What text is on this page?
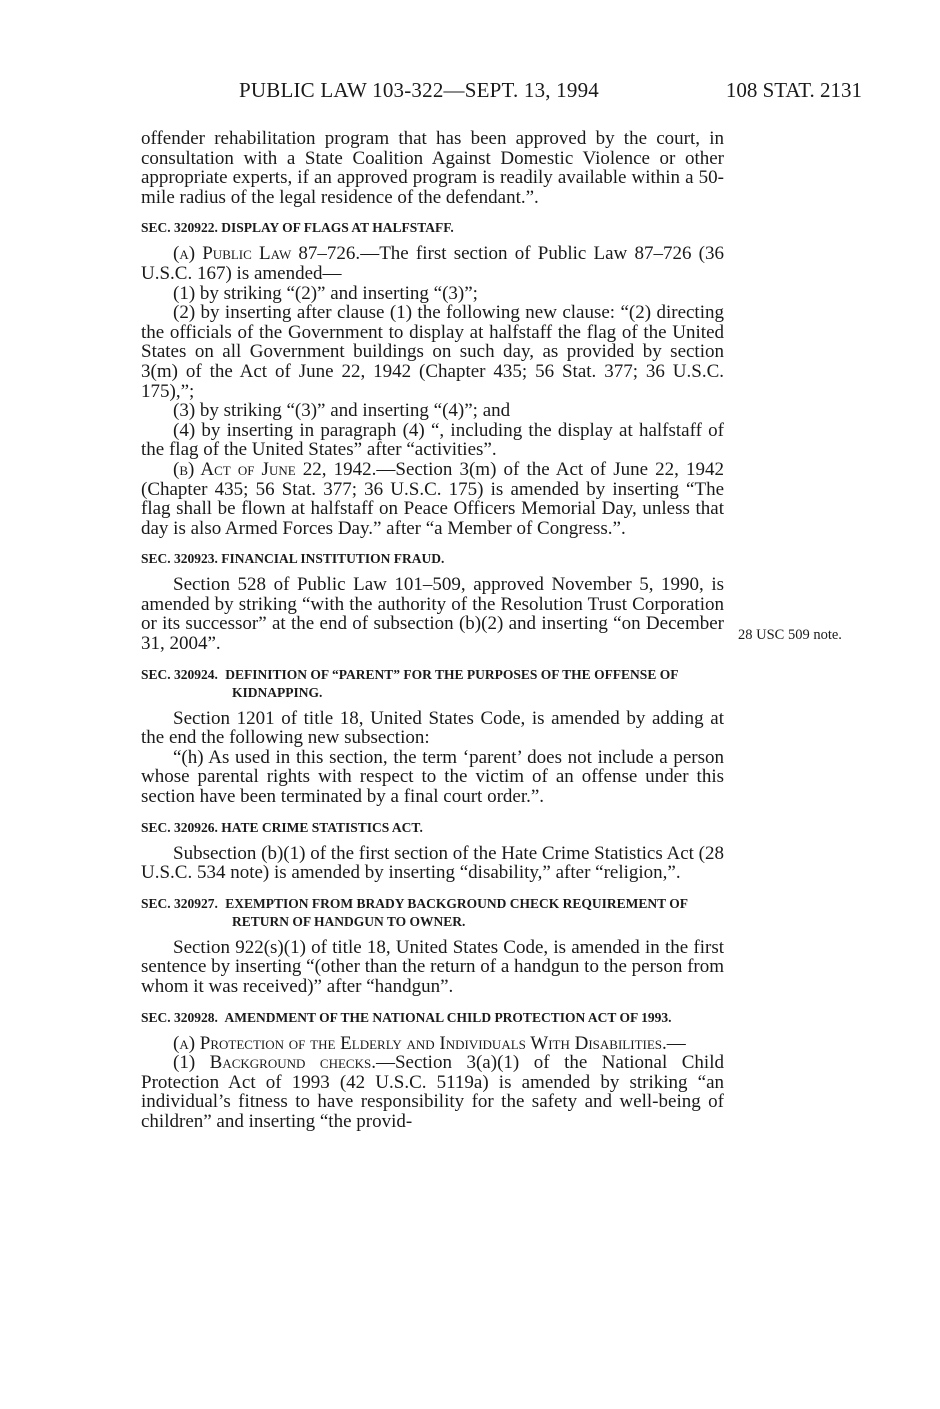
PUBLIC LAW 103-322—SEPT. 13, 1994	108 STAT. 2131

offender rehabilitation program that has been approved by the court, in consultation with a State Coalition Against Domestic Violence or other appropriate experts, if an approved program is readily available within a 50-mile radius of the legal residence of the defendant.”.

SEC. 320922. DISPLAY OF FLAGS AT HALFSTAFF.

(a) Public Law 87–726.—The first section of Public Law 87–726 (36 U.S.C. 167) is amended—

(1) by striking “(2)” and inserting “(3)”;

(2) by inserting after clause (1) the following new clause: “(2) directing the officials of the Government to display at halfstaff the flag of the United States on all Government buildings on such day, as provided by section 3(m) of the Act of June 22, 1942 (Chapter 435; 56 Stat. 377; 36 U.S.C. 175),”;

(3) by striking “(3)” and inserting “(4)”; and

(4) by inserting in paragraph (4) “, including the display at halfstaff of the flag of the United States” after “activities”.

(b) Act of June 22, 1942.—Section 3(m) of the Act of June 22, 1942 (Chapter 435; 56 Stat. 377; 36 U.S.C. 175) is amended by inserting “The flag shall be flown at halfstaff on Peace Officers Memorial Day, unless that day is also Armed Forces Day.” after “a Member of Congress.”.

SEC. 320923. FINANCIAL INSTITUTION FRAUD.

Section 528 of Public Law 101–509, approved November 5, 1990, is amended by striking “with the authority of the Resolution Trust Corporation or its successor” at the end of subsection (b)(2) and inserting “on December 31, 2004”.

SEC. 320924. DEFINITION OF “PARENT” FOR THE PURPOSES OF THE OFFENSE OF KIDNAPPING.

Section 1201 of title 18, United States Code, is amended by adding at the end the following new subsection:

“(h) As used in this section, the term ‘parent’ does not include a person whose parental rights with respect to the victim of an offense under this section have been terminated by a final court order.”.

SEC. 320926. HATE CRIME STATISTICS ACT.

Subsection (b)(1) of the first section of the Hate Crime Statistics Act (28 U.S.C. 534 note) is amended by inserting “disability,” after “religion,”.

SEC. 320927. EXEMPTION FROM BRADY BACKGROUND CHECK REQUIREMENT OF RETURN OF HANDGUN TO OWNER.

Section 922(s)(1) of title 18, United States Code, is amended in the first sentence by inserting “(other than the return of a handgun to the person from whom it was received)” after “handgun”.

SEC. 320928. AMENDMENT OF THE NATIONAL CHILD PROTECTION ACT OF 1993.

(a) Protection of the Elderly and Individuals With Disabilities.—

(1) Background checks.—Section 3(a)(1) of the National Child Protection Act of 1993 (42 U.S.C. 5119a) is amended by striking “an individual’s fitness to have responsibility for the safety and well-being of children” and inserting “the provid-

28 USC 509 note.
